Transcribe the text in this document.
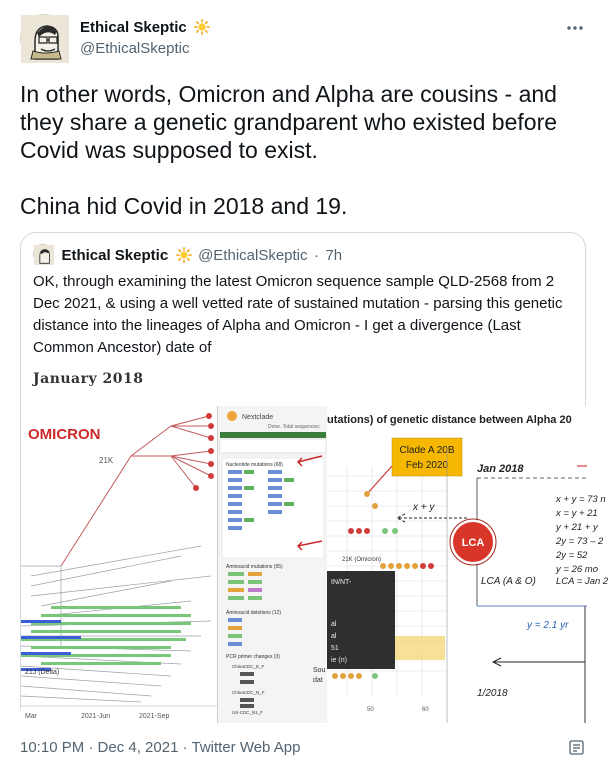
Ethical Skeptic
@EthicalSkeptic
In other words, Omicron and Alpha are cousins - and they share a genetic grandparent who existed before Covid was supposed to exist.

China hid Covid in 2018 and 19.
Ethical Skeptic @EthicalSkeptic · 7h
OK, through examining the latest Omicron sequence sample QLD-2568 from 2 Dec 2021, & using a well vetted rate of sustained mutation - parsing this genetic distance into the lineages of Alpha and Omicron - I get a divergence (Last Common Ancestor) date of
January 2018
OMICRON
21K
21J (Delta)
Mar	2021-Jun	2021-Sep
Nextclade
Done. Total sequences:
Nucleotide mutations (68)
Aminoacid mutations (55)
Aminoacid deletions (12)
PCR primer changes (3)
ChinaCDC_E_F
ChinaCDC_N_F
US-CDC_N1_F
utations) of genetic distance between Alpha 20
Clade A 20B
Feb 2020
21K (Omicron)
IN/NT-
al
al
51
ie (n)
Sou
dat
50	60
Jan 2018
x + y
LCA
LCA (A & O)
x + y = 73 n
x = y + 21
y + 21 + y
2y = 73 – 2
2y = 52
y = 26 mo
LCA = Jan 2
y = 2.1 yr
1/2018
10:10 PM · Dec 4, 2021 · Twitter Web App
